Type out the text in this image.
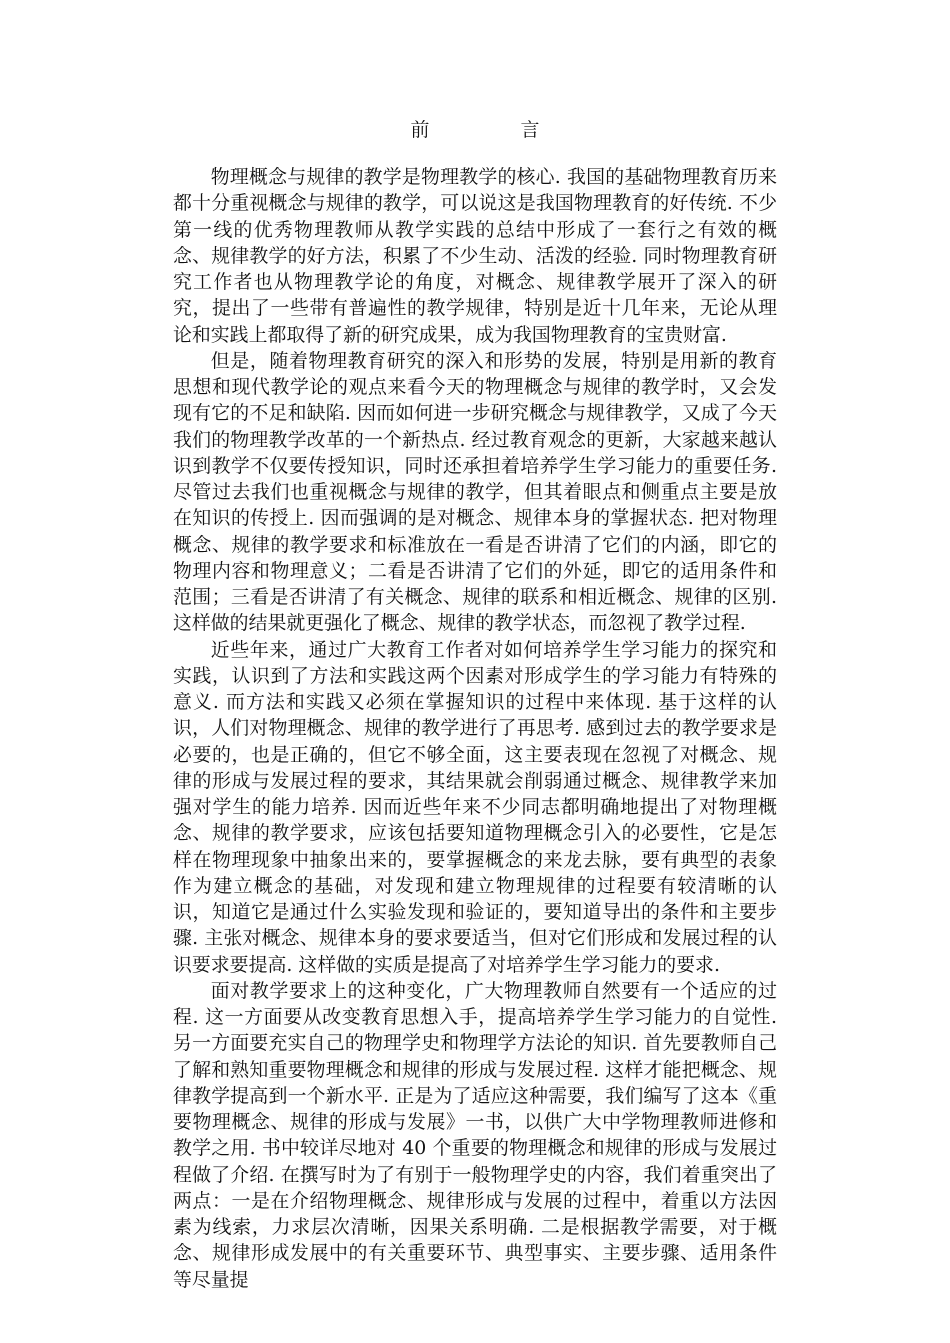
前　言

物理概念与规律的教学是物理教学的核心. 我国的基础物理教育历来都十分重视概念与规律的教学，可以说这是我国物理教育的好传统. 不少第一线的优秀物理教师从教学实践的总结中形成了一套行之有效的概念、规律教学的好方法，积累了不少生动、活泼的经验. 同时物理教育研究工作者也从物理教学论的角度，对概念、规律教学展开了深入的研究，提出了一些带有普遍性的教学规律，特别是近十几年来，无论从理论和实践上都取得了新的研究成果，成为我国物理教育的宝贵财富.

但是，随着物理教育研究的深入和形势的发展，特别是用新的教育思想和现代教学论的观点来看今天的物理概念与规律的教学时，又会发现有它的不足和缺陷. 因而如何进一步研究概念与规律教学，又成了今天我们的物理教学改革的一个新热点. 经过教育观念的更新，大家越来越认识到教学不仅要传授知识，同时还承担着培养学生学习能力的重要任务. 尽管过去我们也重视概念与规律的教学，但其着眼点和侧重点主要是放在知识的传授上. 因而强调的是对概念、规律本身的掌握状态. 把对物理概念、规律的教学要求和标准放在一看是否讲清了它们的内涵，即它的物理内容和物理意义；二看是否讲清了它们的外延，即它的适用条件和范围；三看是否讲清了有关概念、规律的联系和相近概念、规律的区别. 这样做的结果就更强化了概念、规律的教学状态，而忽视了教学过程.

近些年来，通过广大教育工作者对如何培养学生学习能力的探究和实践，认识到了方法和实践这两个因素对形成学生的学习能力有特殊的意义. 而方法和实践又必须在掌握知识的过程中来体现. 基于这样的认识，人们对物理概念、规律的教学进行了再思考. 感到过去的教学要求是必要的，也是正确的，但它不够全面，这主要表现在忽视了对概念、规律的形成与发展过程的要求，其结果就会削弱通过概念、规律教学来加强对学生的能力培养. 因而近些年来不少同志都明确地提出了对物理概念、规律的教学要求，应该包括要知道物理概念引入的必要性，它是怎样在物理现象中抽象出来的，要掌握概念的来龙去脉，要有典型的表象作为建立概念的基础，对发现和建立物理规律的过程要有较清晰的认识，知道它是通过什么实验发现和验证的，要知道导出的条件和主要步骤. 主张对概念、规律本身的要求要适当，但对它们形成和发展过程的认识要求要提高. 这样做的实质是提高了对培养学生学习能力的要求.

面对教学要求上的这种变化，广大物理教师自然要有一个适应的过程. 这一方面要从改变教育思想入手，提高培养学生学习能力的自觉性. 另一方面要充实自己的物理学史和物理学方法论的知识. 首先要教师自己了解和熟知重要物理概念和规律的形成与发展过程. 这样才能把概念、规律教学提高到一个新水平. 正是为了适应这种需要，我们编写了这本《重要物理概念、规律的形成与发展》一书，以供广大中学物理教师进修和教学之用. 书中较详尽地对 40 个重要的物理概念和规律的形成与发展过程做了介绍. 在撰写时为了有别于一般物理学史的内容，我们着重突出了两点：一是在介绍物理概念、规律形成与发展的过程中，着重以方法因素为线索，力求层次清晰，因果关系明确. 二是根据教学需要，对于概念、规律形成发展中的有关重要环节、典型事实、主要步骤、适用条件等尽量提
